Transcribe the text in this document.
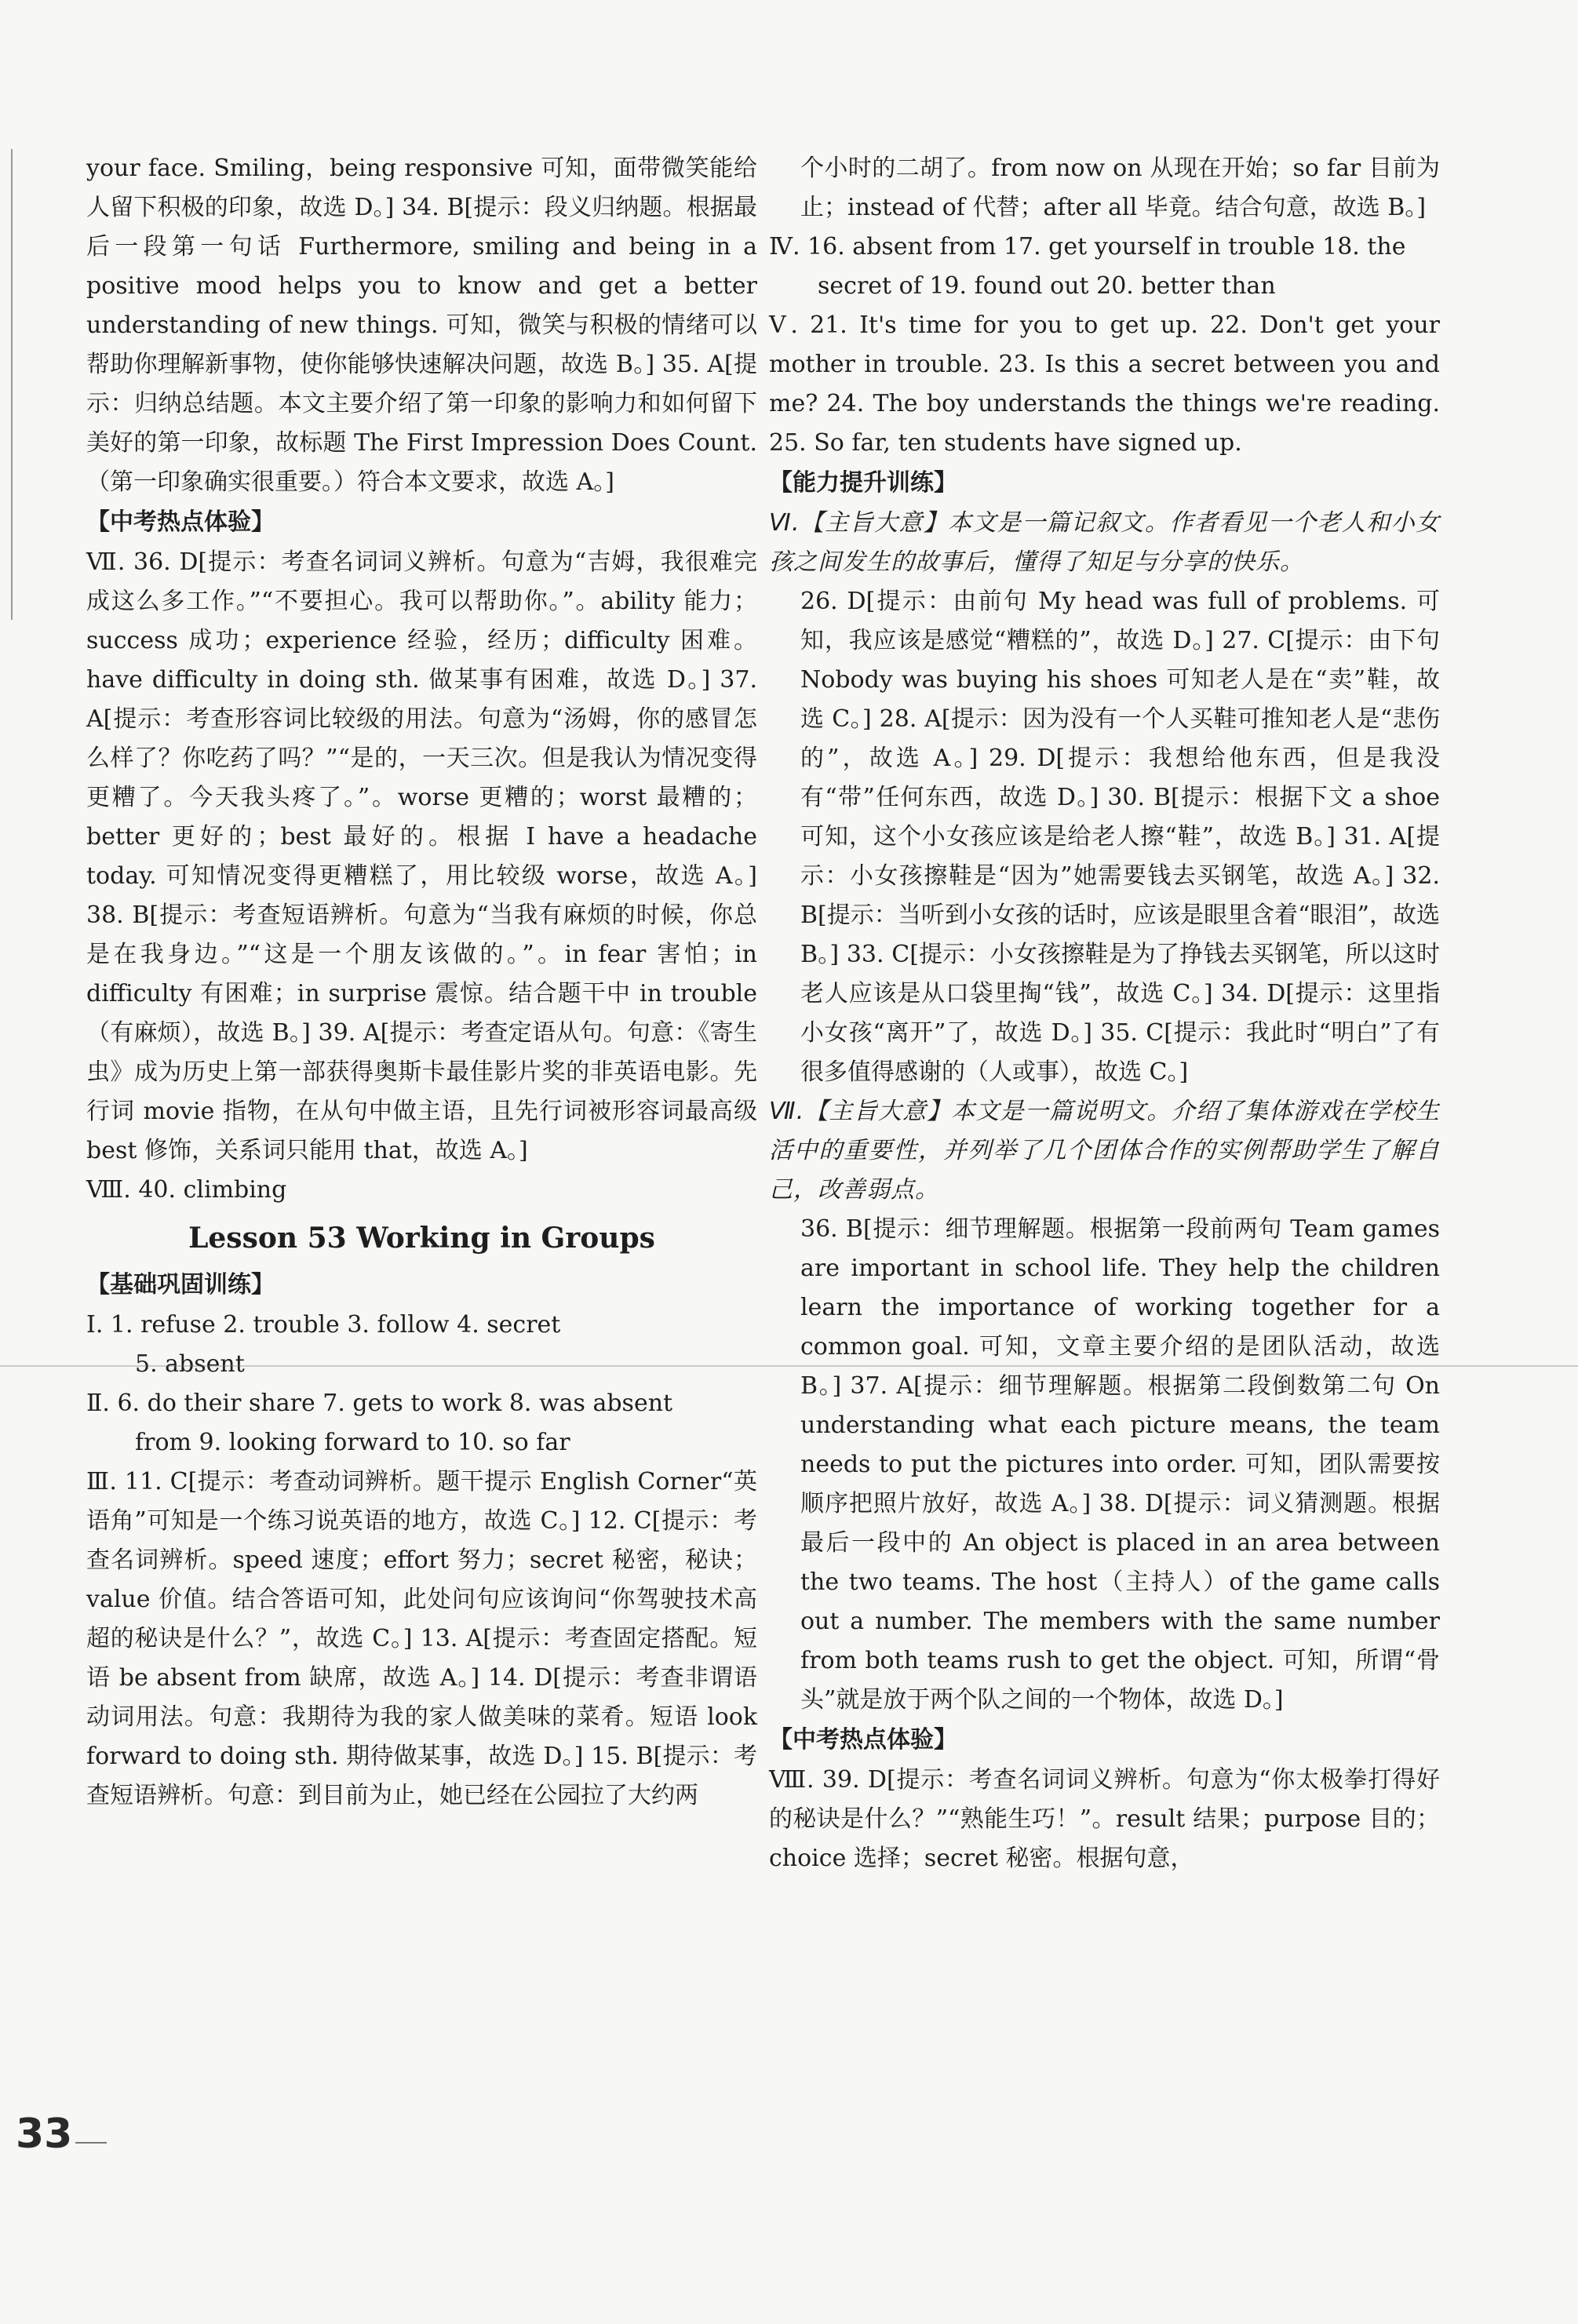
your face. Smiling，being responsive 可知，面带微笑能给人留下积极的印象，故选 D。] 34. B[提示：段义归纳题。根据最后一段第一句话 Furthermore, smiling and being in a positive mood helps you to know and get a better understanding of new things. 可知，微笑与积极的情绪可以帮助你理解新事物，使你能够快速解决问题，故选 B。] 35. A[提示：归纳总结题。本文主要介绍了第一印象的影响力和如何留下美好的第一印象，故标题 The First Impression Does Count.（第一印象确实很重要。）符合本文要求，故选 A。]

【中考热点体验】

Ⅶ. 36. D[提示：考查名词词义辨析。句意为“吉姆，我很难完成这么多工作。”“不要担心。我可以帮助你。”。ability 能力；success 成功；experience 经验，经历；difficulty 困难。have difficulty in doing sth. 做某事有困难，故选 D。] 37. A[提示：考查形容词比较级的用法。句意为“汤姆，你的感冒怎么样了？你吃药了吗？”“是的，一天三次。但是我认为情况变得更糟了。今天我头疼了。”。worse 更糟的；worst 最糟的；better 更好的；best 最好的。根据 I have a headache today. 可知情况变得更糟糕了，用比较级 worse，故选 A。] 38. B[提示：考查短语辨析。句意为“当我有麻烦的时候，你总是在我身边。”“这是一个朋友该做的。”。in fear 害怕；in difficulty 有困难；in surprise 震惊。结合题干中 in trouble（有麻烦），故选 B。] 39. A[提示：考查定语从句。句意：《寄生虫》成为历史上第一部获得奥斯卡最佳影片奖的非英语电影。先行词 movie 指物，在从句中做主语，且先行词被形容词最高级 best 修饰，关系词只能用 that，故选 A。]

Ⅷ. 40. climbing

Lesson 53 Working in Groups

【基础巩固训练】

Ⅰ. 1. refuse 2. trouble 3. follow 4. secret

5. absent

Ⅱ. 6. do their share 7. gets to work 8. was absent

from 9. looking forward to 10. so far

Ⅲ. 11. C[提示：考查动词辨析。题干提示 English Corner“英语角”可知是一个练习说英语的地方，故选 C。] 12. C[提示：考查名词辨析。speed 速度；effort 努力；secret 秘密，秘诀；value 价值。结合答语可知，此处问句应该询问“你驾驶技术高超的秘诀是什么？”，故选 C。] 13. A[提示：考查固定搭配。短语 be absent from 缺席，故选 A。] 14. D[提示：考查非谓语动词用法。句意：我期待为我的家人做美味的菜肴。短语 look forward to doing sth. 期待做某事，故选 D。] 15. B[提示：考查短语辨析。句意：到目前为止，她已经在公园拉了大约两

个小时的二胡了。from now on 从现在开始；so far 目前为止；instead of 代替；after all 毕竟。结合句意，故选 B。]

Ⅳ. 16. absent from 17. get yourself in trouble 18. the

secret of 19. found out 20. better than

Ⅴ. 21. It's time for you to get up. 22. Don't get your mother in trouble. 23. Is this a secret between you and me? 24. The boy understands the things we're reading. 25. So far, ten students have signed up.

【能力提升训练】

Ⅵ.【主旨大意】本文是一篇记叙文。作者看见一个老人和小女孩之间发生的故事后，懂得了知足与分享的快乐。

26. D[提示：由前句 My head was full of problems. 可知，我应该是感觉“糟糕的”，故选 D。] 27. C[提示：由下句 Nobody was buying his shoes 可知老人是在“卖”鞋，故选 C。] 28. A[提示：因为没有一个人买鞋可推知老人是“悲伤的”，故选 A。] 29. D[提示：我想给他东西，但是我没有“带”任何东西，故选 D。] 30. B[提示：根据下文 a shoe 可知，这个小女孩应该是给老人擦“鞋”，故选 B。] 31. A[提示：小女孩擦鞋是“因为”她需要钱去买钢笔，故选 A。] 32. B[提示：当听到小女孩的话时，应该是眼里含着“眼泪”，故选 B。] 33. C[提示：小女孩擦鞋是为了挣钱去买钢笔，所以这时老人应该是从口袋里掏“钱”，故选 C。] 34. D[提示：这里指小女孩“离开”了，故选 D。] 35. C[提示：我此时“明白”了有很多值得感谢的（人或事），故选 C。]

Ⅶ.【主旨大意】本文是一篇说明文。介绍了集体游戏在学校生活中的重要性，并列举了几个团体合作的实例帮助学生了解自己，改善弱点。

36. B[提示：细节理解题。根据第一段前两句 Team games are important in school life. They help the children learn the importance of working together for a common goal. 可知，文章主要介绍的是团队活动，故选 B。] 37. A[提示：细节理解题。根据第二段倒数第二句 On understanding what each picture means, the team needs to put the pictures into order. 可知，团队需要按顺序把照片放好，故选 A。] 38. D[提示：词义猜测题。根据最后一段中的 An object is placed in an area between the two teams. The host（主持人）of the game calls out a number. The members with the same number from both teams rush to get the object. 可知，所谓“骨头”就是放于两个队之间的一个物体，故选 D。]

【中考热点体验】

Ⅷ. 39. D[提示：考查名词词义辨析。句意为“你太极拳打得好的秘诀是什么？”“熟能生巧！”。result 结果；purpose 目的；choice 选择；secret 秘密。根据句意，

33
